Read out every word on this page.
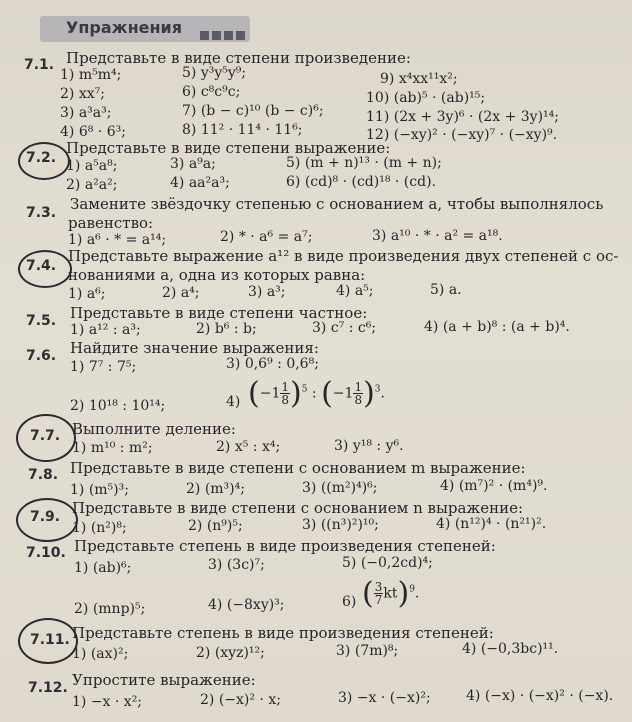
Упражнения
7.1. Представьте в виде степени произведение:
1) m⁵m⁴;
2) xx⁷;
3) a³a³;
4) 6⁸ · 6³;
5) y³y⁵y⁹;
6) c⁸c⁹c;
7) (b − c)¹⁰ (b − c)⁶;
8) 11² · 11⁴ · 11⁶;
9) x⁴xx¹¹x²;
10) (ab)⁵ · (ab)¹⁵;
11) (2x + 3y)⁶ · (2x + 3y)¹⁴;
12) (−xy)² · (−xy)⁷ · (−xy)⁹.
7.2.
Представьте в виде степени выражение:
1) a⁵a⁸;
2) a²a²;
3) a⁹a;
4) aa²a³;
5) (m + n)¹³ · (m + n);
6) (cd)⁸ · (cd)¹⁸ · (cd).
7.3. Замените звёздочку степенью с основанием a, чтобы выполнялось
равенство:
1) a⁶ · * = a¹⁴;	2) * · a⁶ = a⁷;	3) a¹⁰ · * · a² = a¹⁸.
7.4.
Представьте выражение a¹² в виде произведения двух степеней с ос-
нованиями a, одна из которых равна:
1) a⁶;	2) a⁴;	3) a³;	4) a⁵;	5) a.
7.5. Представьте в виде степени частное:
1) a¹² : a³;	2) b⁶ : b;	3) c⁷ : c⁶;	4) (a + b)⁸ : (a + b)⁴.
7.6. Найдите значение выражения:
1) 7⁷ : 7⁵;
2) 10¹⁸ : 10¹⁴;
3) 0,6⁹ : 0,6⁸;
4) $(-1 \frac{1}{8} )^5$ : $(-1 \frac{1}{8} )^3$.
7.7. Выполните деление:
1) m¹⁰ : m²;	2) x⁵ : x⁴;	3) y¹⁸ : y⁶.
7.8. Представьте в виде степени с основанием m выражение:
1) (m⁵)³;	2) (m³)⁴;	3) ((m²)⁴)⁶;	4) (m⁷)² · (m⁴)⁹.
7.9. Представьте в виде степени с основанием n выражение:
1) (n²)⁸;	2) (n⁹)⁵;	3) ((n³)²)¹⁰;	4) (n¹²)⁴ · (n²¹)².
7.10. Представьте степень в виде произведения степеней:
1) (ab)⁶;
2) (mnp)⁵;
3) (3c)⁷;
4) (−8xy)³;
5) (−0,2cd)⁴;
6) ( $\frac{3}{7} kt)^9$.
7.11. Представьте степень в виде произведения степеней:
1) (ax)²;	2) (xyz)¹²;	3) (7m)⁸;	4) (−0,3bc)¹¹.
7.12. Упростите выражение:
1) −x · x²;	2) (−x)² · x;	3) −x · (−x)²;	4) (−x) · (−x)² · (−x).
